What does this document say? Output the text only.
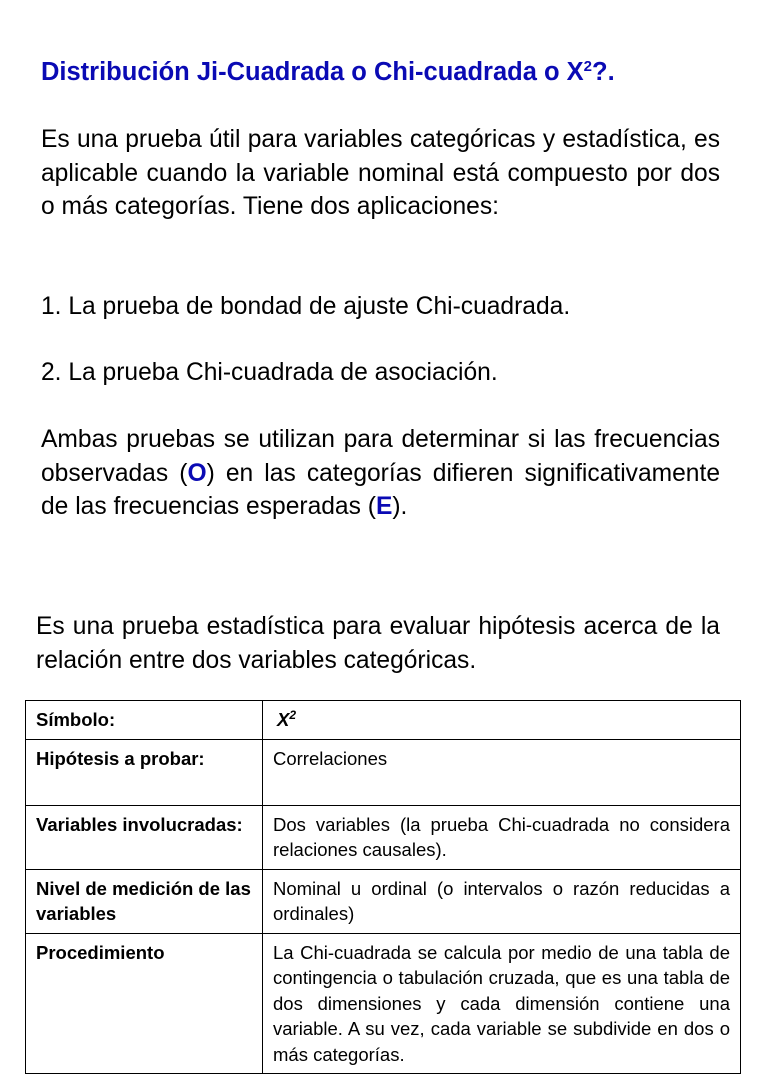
Distribución Ji-Cuadrada o Chi-cuadrada o $X^2$?.
Es una prueba útil para variables categóricas y estadística, es aplicable cuando la variable nominal está compuesto por dos o más categorías. Tiene dos aplicaciones:
1. La prueba de bondad de ajuste Chi-cuadrada.
2. La prueba Chi-cuadrada de asociación.
Ambas pruebas se utilizan para determinar si las frecuencias observadas (O) en las categorías difieren significativamente de las frecuencias esperadas (E).
Es una prueba estadística para evaluar hipótesis acerca de la relación entre dos variables categóricas.
Símbolo:	$X^2$
Hipótesis a probar:	Correlaciones
Variables involucradas:	Dos variables (la prueba Chi-cuadrada no considera relaciones causales).
Nivel de medición de las variables	Nominal u ordinal (o intervalos o razón reducidas a ordinales)
Procedimiento	La Chi-cuadrada se calcula por medio de una tabla de contingencia o tabulación cruzada, que es una tabla de dos dimensiones y cada dimensión contiene una variable. A su vez, cada variable se subdivide en dos o más categorías.
